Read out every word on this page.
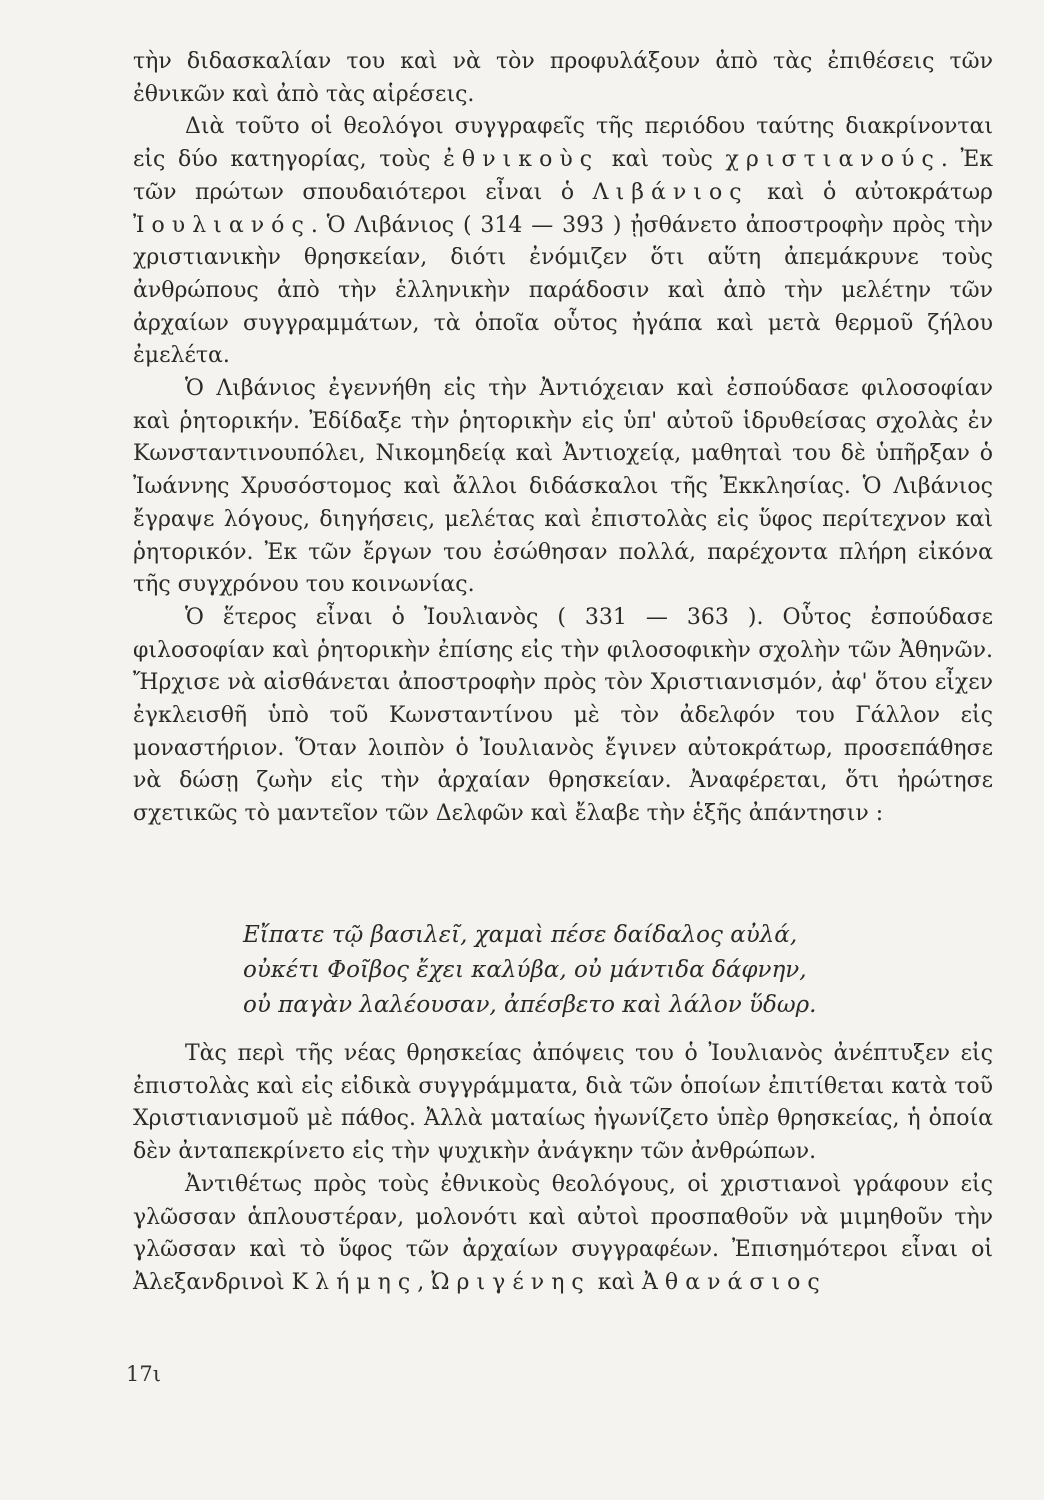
τὴν διδασκαλίαν του καὶ νὰ τὸν προφυλάξουν ἀπὸ τὰς ἐπιθέσεις τῶν ἐθνικῶν καὶ ἀπὸ τὰς αἱρέσεις.

Διὰ τοῦτο οἱ θεολόγοι συγγραφεῖς τῆς περιόδου ταύτης διακρίνονται εἰς δύο κατηγορίας, τοὺς ἐθνικοὺς καὶ τοὺς χριστιανούς. Ἐκ τῶν πρώτων σπουδαιότεροι εἶναι ὁ Λιβάνιος καὶ ὁ αὐτοκράτωρ Ἰουλιανός. Ὁ Λιβάνιος ( 314 — 393 ) ᾐσθάνετο ἀποστροφὴν πρὸς τὴν χριστιανικὴν θρησκείαν, διότι ἐνόμιζεν ὅτι αὕτη ἀπεμάκρυνε τοὺς ἀνθρώπους ἀπὸ τὴν ἑλληνικὴν παράδοσιν καὶ ἀπὸ τὴν μελέτην τῶν ἀρχαίων συγγραμμάτων, τὰ ὁποῖα οὗτος ἠγάπα καὶ μετὰ θερμοῦ ζήλου ἐμελέτα.

Ὁ Λιβάνιος ἐγεννήθη εἰς τὴν Ἀντιόχειαν καὶ ἐσπούδασε φιλοσοφίαν καὶ ῥητορικήν. Ἐδίδαξε τὴν ῥητορικὴν εἰς ὑπ' αὐτοῦ ἱδρυθείσας σχολὰς ἐν Κωνσταντινουπόλει, Νικομηδείᾳ καὶ Ἀντιοχείᾳ, μαθηταὶ του δὲ ὑπῆρξαν ὁ Ἰωάννης Χρυσόστομος καὶ ἄλλοι διδάσκαλοι τῆς Ἐκκλησίας. Ὁ Λιβάνιος ἔγραψε λόγους, διηγήσεις, μελέτας καὶ ἐπιστολὰς εἰς ὕφος περίτεχνον καὶ ῥητορικόν. Ἐκ τῶν ἔργων του ἐσώθησαν πολλά, παρέχοντα πλήρη εἰκόνα τῆς συγχρόνου του κοινωνίας.

Ὁ ἕτερος εἶναι ὁ Ἰουλιανὸς ( 331 — 363 ). Οὗτος ἐσπούδασε φιλοσοφίαν καὶ ῥητορικὴν ἐπίσης εἰς τὴν φιλοσοφικὴν σχολὴν τῶν Ἀθηνῶν. Ἤρχισε νὰ αἰσθάνεται ἀποστροφὴν πρὸς τὸν Χριστιανισμόν, ἀφ' ὅτου εἶχεν ἐγκλεισθῆ ὑπὸ τοῦ Κωνσταντίνου μὲ τὸν ἀδελφόν του Γάλλον εἰς μοναστήριον. Ὅταν λοιπὸν ὁ Ἰουλιανὸς ἔγινεν αὐτοκράτωρ, προσεπάθησε νὰ δώσῃ ζωὴν εἰς τὴν ἀρχαίαν θρησκείαν. Ἀναφέρεται, ὅτι ἠρώτησε σχετικῶς τὸ μαντεῖον τῶν Δελφῶν καὶ ἔλαβε τὴν ἑξῆς ἀπάντησιν :

Εἴπατε τῷ βασιλεῖ, χαμαὶ πέσε δαίδαλος αὐλά,
οὐκέτι Φοῖβος ἔχει καλύβα, οὐ μάντιδα δάφνην,
οὐ παγὰν λαλέουσαν, ἀπέσβετο καὶ λάλον ὕδωρ.

Τὰς περὶ τῆς νέας θρησκείας ἀπόψεις του ὁ Ἰουλιανὸς ἀνέπτυξεν εἰς ἐπιστολὰς καὶ εἰς εἰδικὰ συγγράμματα, διὰ τῶν ὁποίων ἐπιτίθεται κατὰ τοῦ Χριστιανισμοῦ μὲ πάθος. Ἀλλὰ ματαίως ἠγωνίζετο ὑπὲρ θρησκείας, ἡ ὁποία δὲν ἀνταπεκρίνετο εἰς τὴν ψυχικὴν ἀνάγκην τῶν ἀνθρώπων.

Ἀντιθέτως πρὸς τοὺς ἐθνικοὺς θεολόγους, οἱ χριστιανοὶ γράφουν εἰς γλῶσσαν ἁπλουστέραν, μολονότι καὶ αὐτοὶ προσπαθοῦν νὰ μιμηθοῦν τὴν γλῶσσαν καὶ τὸ ὕφος τῶν ἀρχαίων συγγραφέων. Ἐπισημότεροι εἶναι οἱ Ἀλεξανδρινοὶ Κλήμης, Ὠριγένης καὶ Ἀθανάσιος

17ι
